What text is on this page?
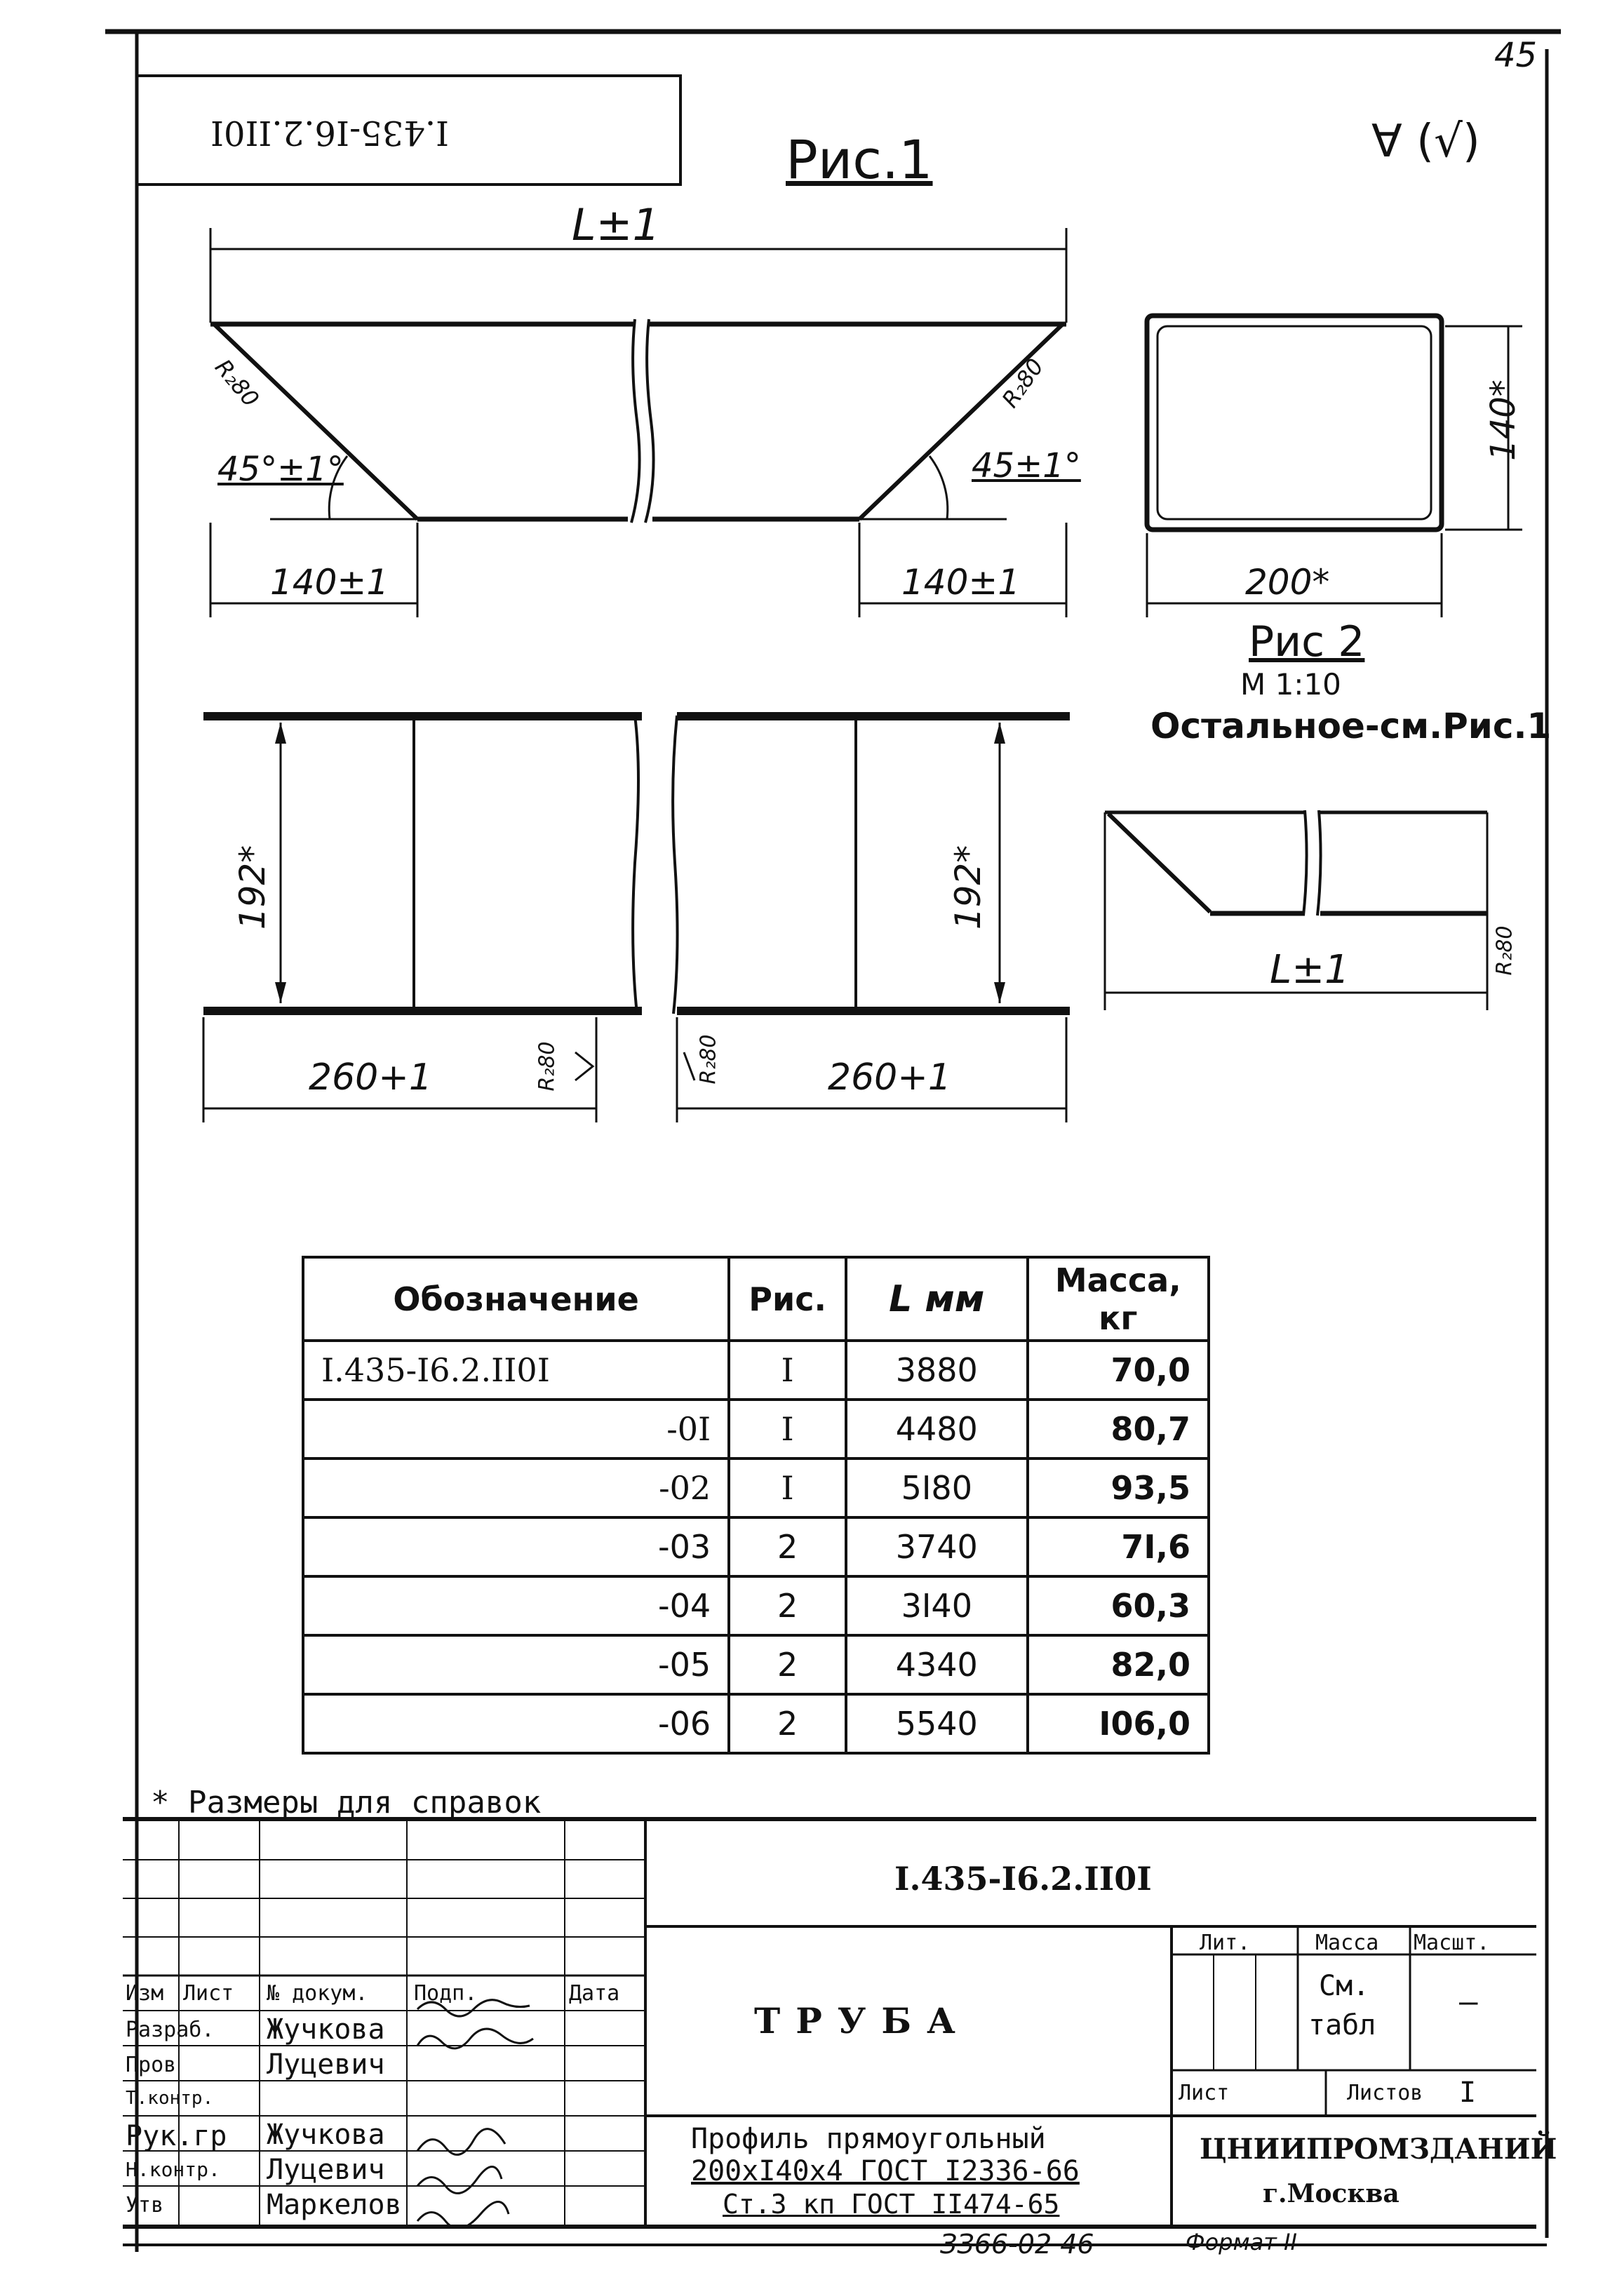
45
I.435-I6.2.II0I	∀ (√)
Рис.1
L±1
R₂80	R₂80
45°±1°	45±1°
140±1	140±1
192*	192*
260+1	260+1
R₂80	R₂80
140*
200*
Рис 2
М 1:10
Остальное-см.Рис.1
L±1	R₂80
Обозначение	Рис.	L мм	Масса,
кг
I.435-I6.2.II0I	I	3880	70,0
-0I	I	4480	80,7
-02	I	5I80	93,5
-03	2	3740	7I,6
-04	2	3I40	60,3
-05	2	4340	82,0
-06	2	5540	I06,0
* Размеры для справок
Изм Лист № докум. Подп.	Дата
Разраб. Жучкова
Пров	Луцевич
Т.контр.
Рук.гр Жучкова
Н.контр. Луцевич
Утв	Маркелов
I.435-I6.2.II0I
ТРУБА
Профиль прямоугольный
200хI40х4 ГОСТ I2336-66
Ст.3 кп ГОСТ II474-65
Лит.	Масса Масшт.
См.
табл
—
Лист	Листов I
ЦНИИПРОМЗДАНИЙ
г.Москва
ЗЗ66-02 46	Формат II
